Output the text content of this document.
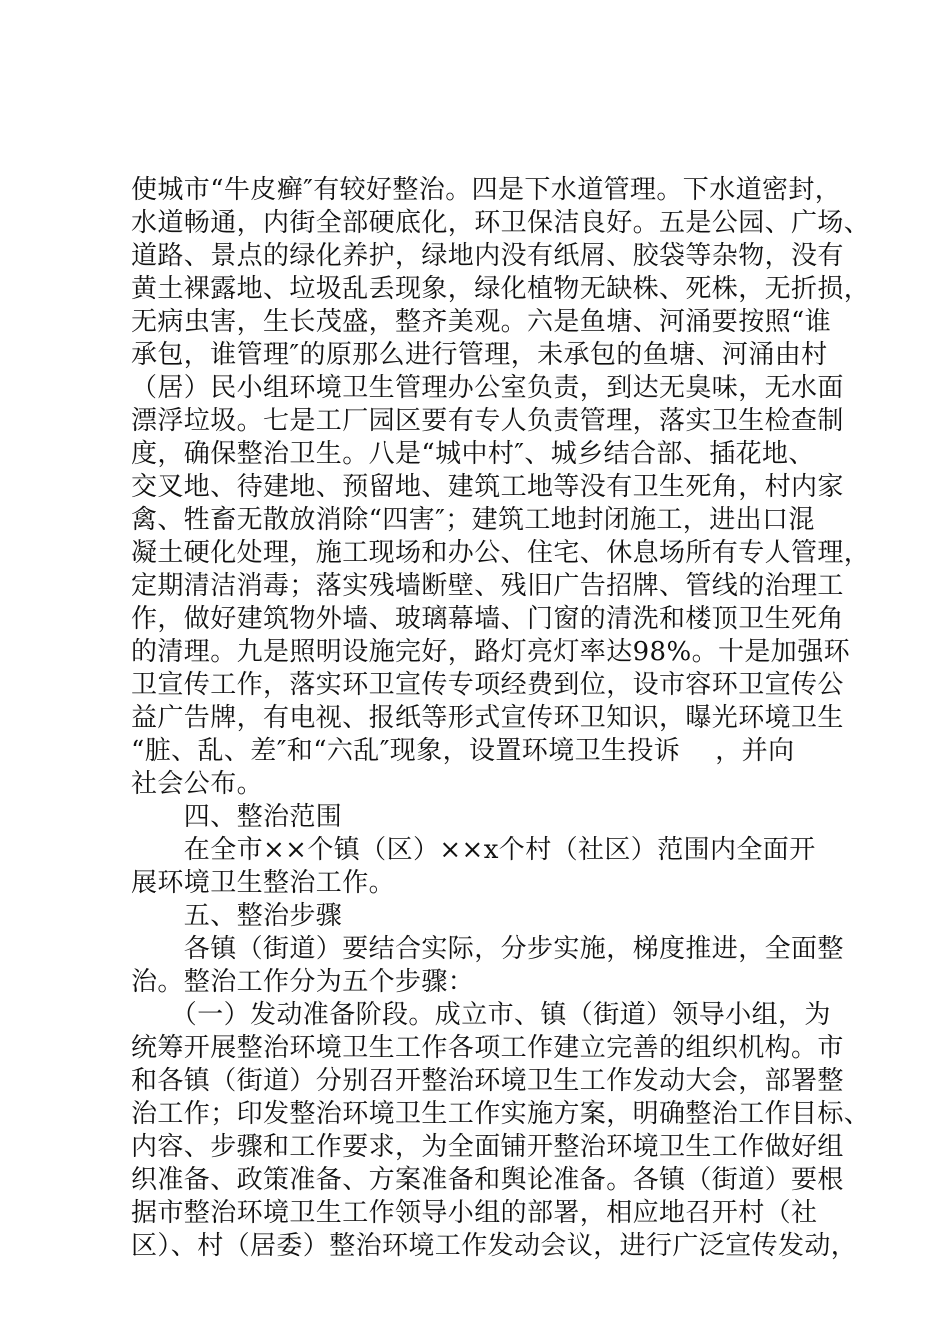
使城市“牛皮癣″有较好整治。四是下水道管理。下水道密封，
水道畅通，内街全部硬底化，环卫保洁良好。五是公园、广场、
道路、景点的绿化养护，绿地内没有纸屑、胶袋等杂物，没有
黄土裸露地、垃圾乱丢现象，绿化植物无缺株、死株，无折损，
无病虫害，生长茂盛，整齐美观。六是鱼塘、河涌要按照“谁
承包，谁管理″的原那么进行管理，未承包的鱼塘、河涌由村
（居）民小组环境卫生管理办公室负责，到达无臭味，无水面
漂浮垃圾。七是工厂园区要有专人负责管理，落实卫生检查制
度，确保整治卫生。八是“城中村″、城乡结合部、插花地、
交叉地、待建地、预留地、建筑工地等没有卫生死角，村内家
禽、牲畜无散放消除“四害″；建筑工地封闭施工，进出口混
凝土硬化处理，施工现场和办公、住宅、休息场所有专人管理，
定期清洁消毒；落实残墙断壁、残旧广告招牌、管线的治理工
作，做好建筑物外墙、玻璃幕墙、门窗的清洗和楼顶卫生死角
的清理。九是照明设施完好，路灯亮灯率达98%。十是加强环
卫宣传工作，落实环卫宣传专项经费到位，设市容环卫宣传公
益广告牌，有电视、报纸等形式宣传环卫知识，曝光环境卫生
“脏、乱、差″和“六乱″现象，设置环境卫生投诉　 ，并向
社会公布。
　　四、整治范围
　　在全市××个镇（区）××x个村（社区）范围内全面开
展环境卫生整治工作。
　　五、整治步骤
　　各镇（街道）要结合实际，分步实施，梯度推进，全面整
治。整治工作分为五个步骤：
　　（一）发动准备阶段。成立市、镇（街道）领导小组，为
统筹开展整治环境卫生工作各项工作建立完善的组织机构。市
和各镇（街道）分别召开整治环境卫生工作发动大会，部署整
治工作；印发整治环境卫生工作实施方案，明确整治工作目标、
内容、步骤和工作要求，为全面铺开整治环境卫生工作做好组
织准备、政策准备、方案准备和舆论准备。各镇（街道）要根
据市整治环境卫生工作领导小组的部署，相应地召开村（社
区）、村（居委）整治环境工作发动会议，进行广泛宣传发动，
